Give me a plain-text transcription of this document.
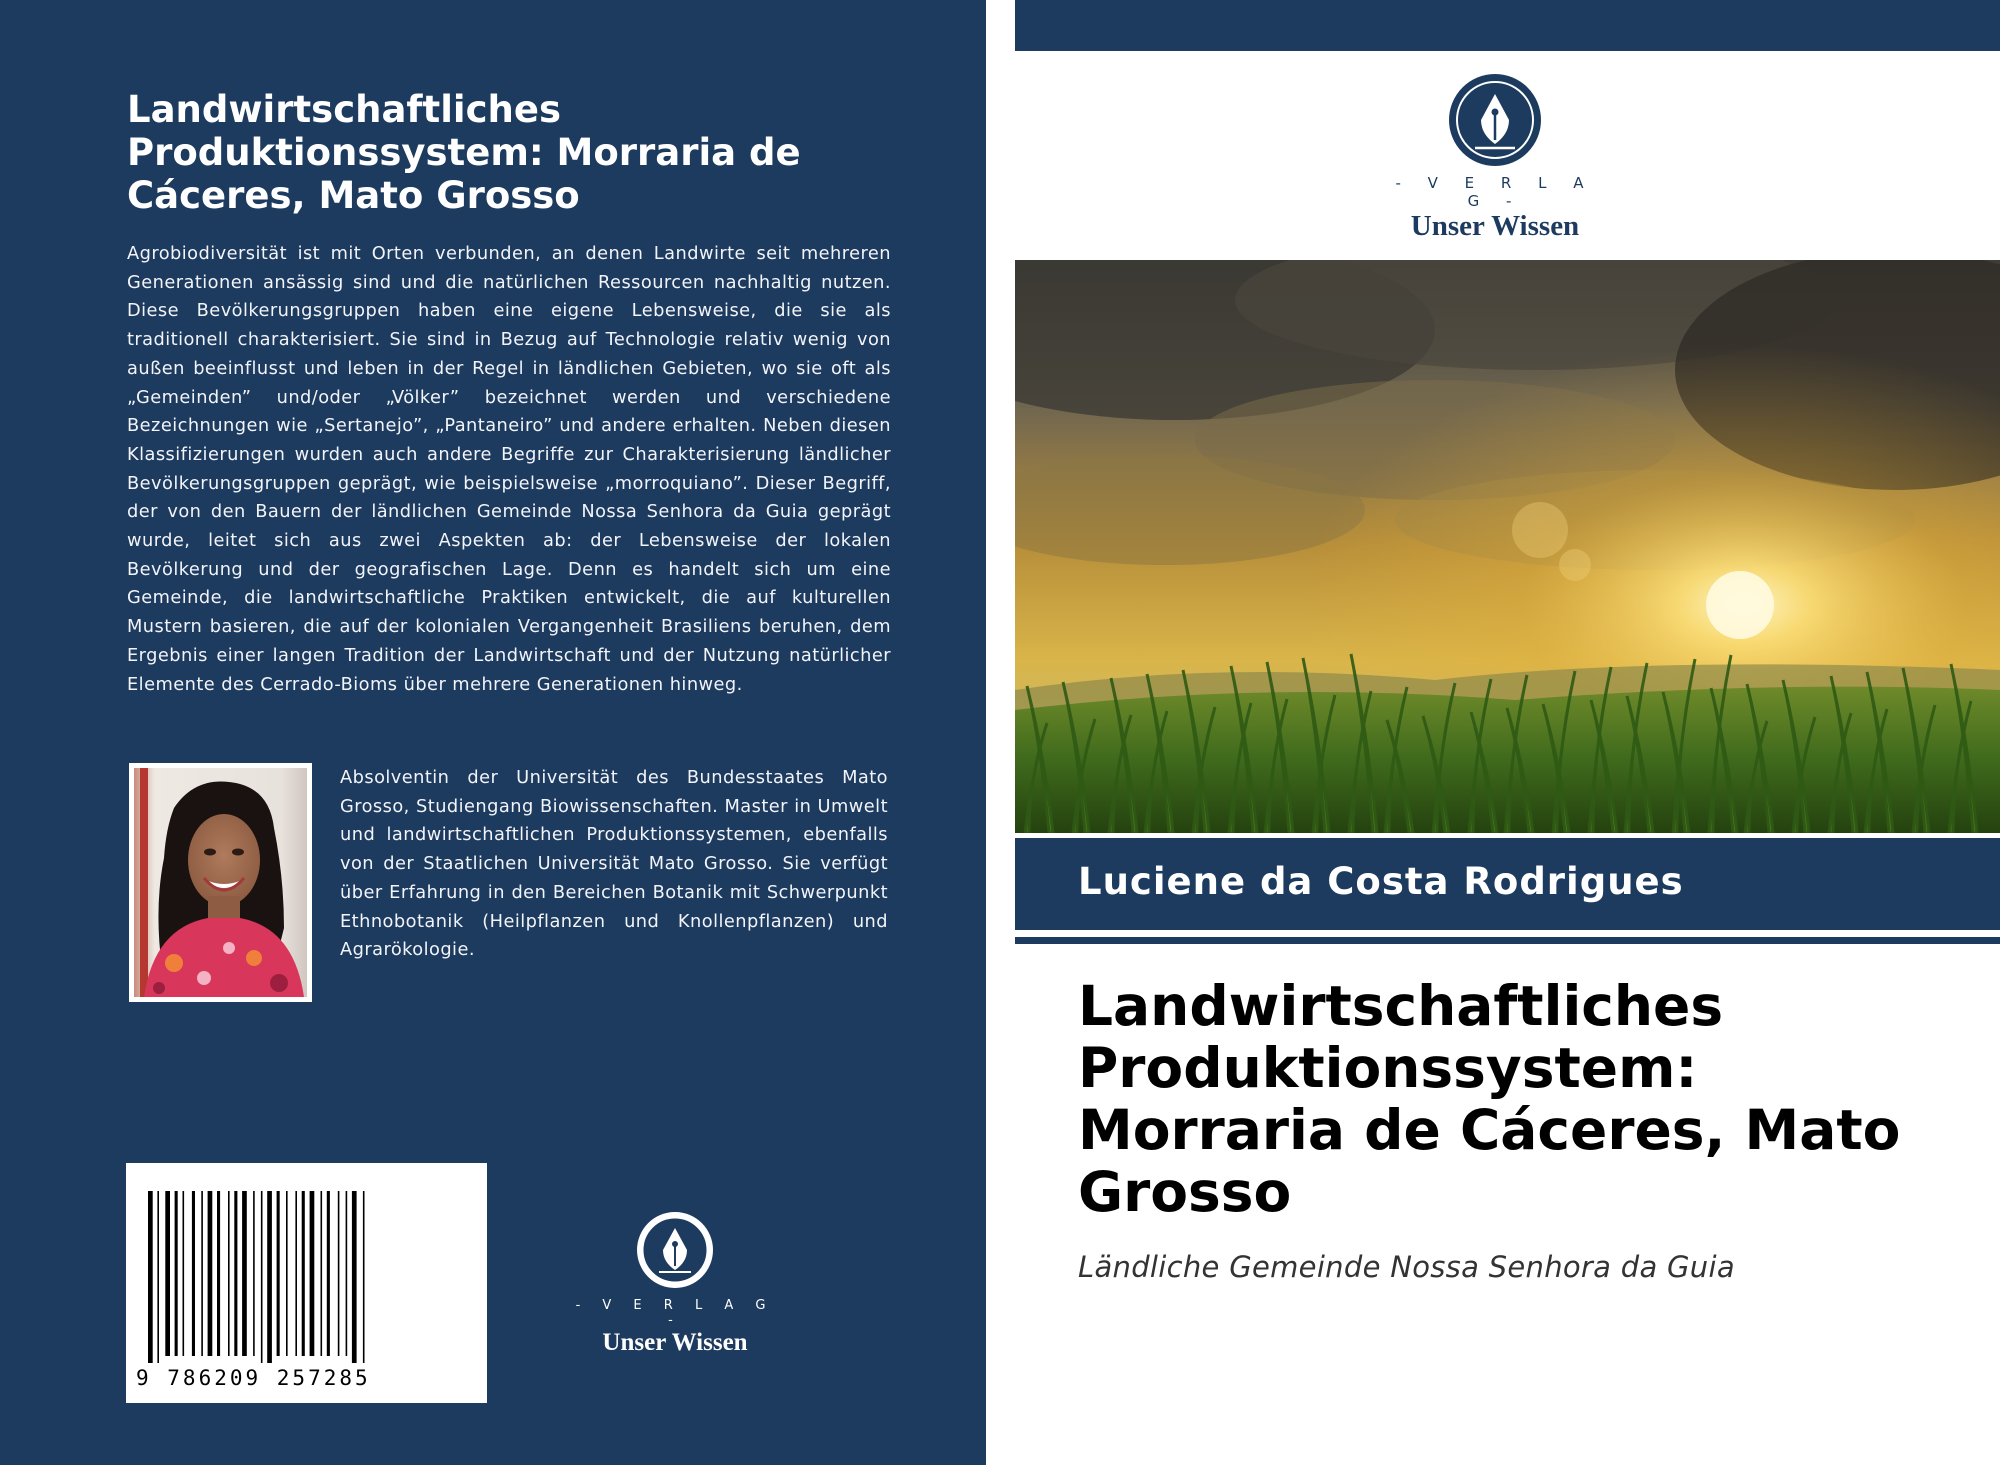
Landwirtschaftliches Produktionssystem: Morraria de Cáceres, Mato Grosso

Agrobiodiversität ist mit Orten verbunden, an denen Landwirte seit mehreren Generationen ansässig sind und die natürlichen Ressourcen nachhaltig nutzen. Diese Bevölkerungsgruppen haben eine eigene Lebensweise, die sie als traditionell charakterisiert. Sie sind in Bezug auf Technologie relativ wenig von außen beeinflusst und leben in der Regel in ländlichen Gebieten, wo sie oft als „Gemeinden” und/oder „Völker” bezeichnet werden und verschiedene Bezeichnungen wie „Sertanejo”, „Pantaneiro” und andere erhalten. Neben diesen Klassifizierungen wurden auch andere Begriffe zur Charakterisierung ländlicher Bevölkerungsgruppen geprägt, wie beispielsweise „morroquiano”. Dieser Begriff, der von den Bauern der ländlichen Gemeinde Nossa Senhora da Guia geprägt wurde, leitet sich aus zwei Aspekten ab: der Lebensweise der lokalen Bevölkerung und der geografischen Lage. Denn es handelt sich um eine Gemeinde, die landwirtschaftliche Praktiken entwickelt, die auf kulturellen Mustern basieren, die auf der kolonialen Vergangenheit Brasiliens beruhen, dem Ergebnis einer langen Tradition der Landwirtschaft und der Nutzung natürlicher Elemente des Cerrado-Bioms über mehrere Generationen hinweg.

Absolventin der Universität des Bundesstaates Mato Grosso, Studiengang Biowissenschaften. Master in Umwelt und landwirtschaftlichen Produktionssystemen, ebenfalls von der Staatlichen Universität Mato Grosso. Sie verfügt über Erfahrung in den Bereichen Botanik mit Schwerpunkt Ethnobotanik (Heilpflanzen und Knollenpflanzen) und Agrarökologie.

9 786209 257285
- V E R L A G -
Unser Wissen
- V E R L A G -
Unser Wissen
Luciene da Costa Rodrigues
Landwirtschaftliches Produktionssystem: Morraria de Cáceres, Mato Grosso
Ländliche Gemeinde Nossa Senhora da Guia
